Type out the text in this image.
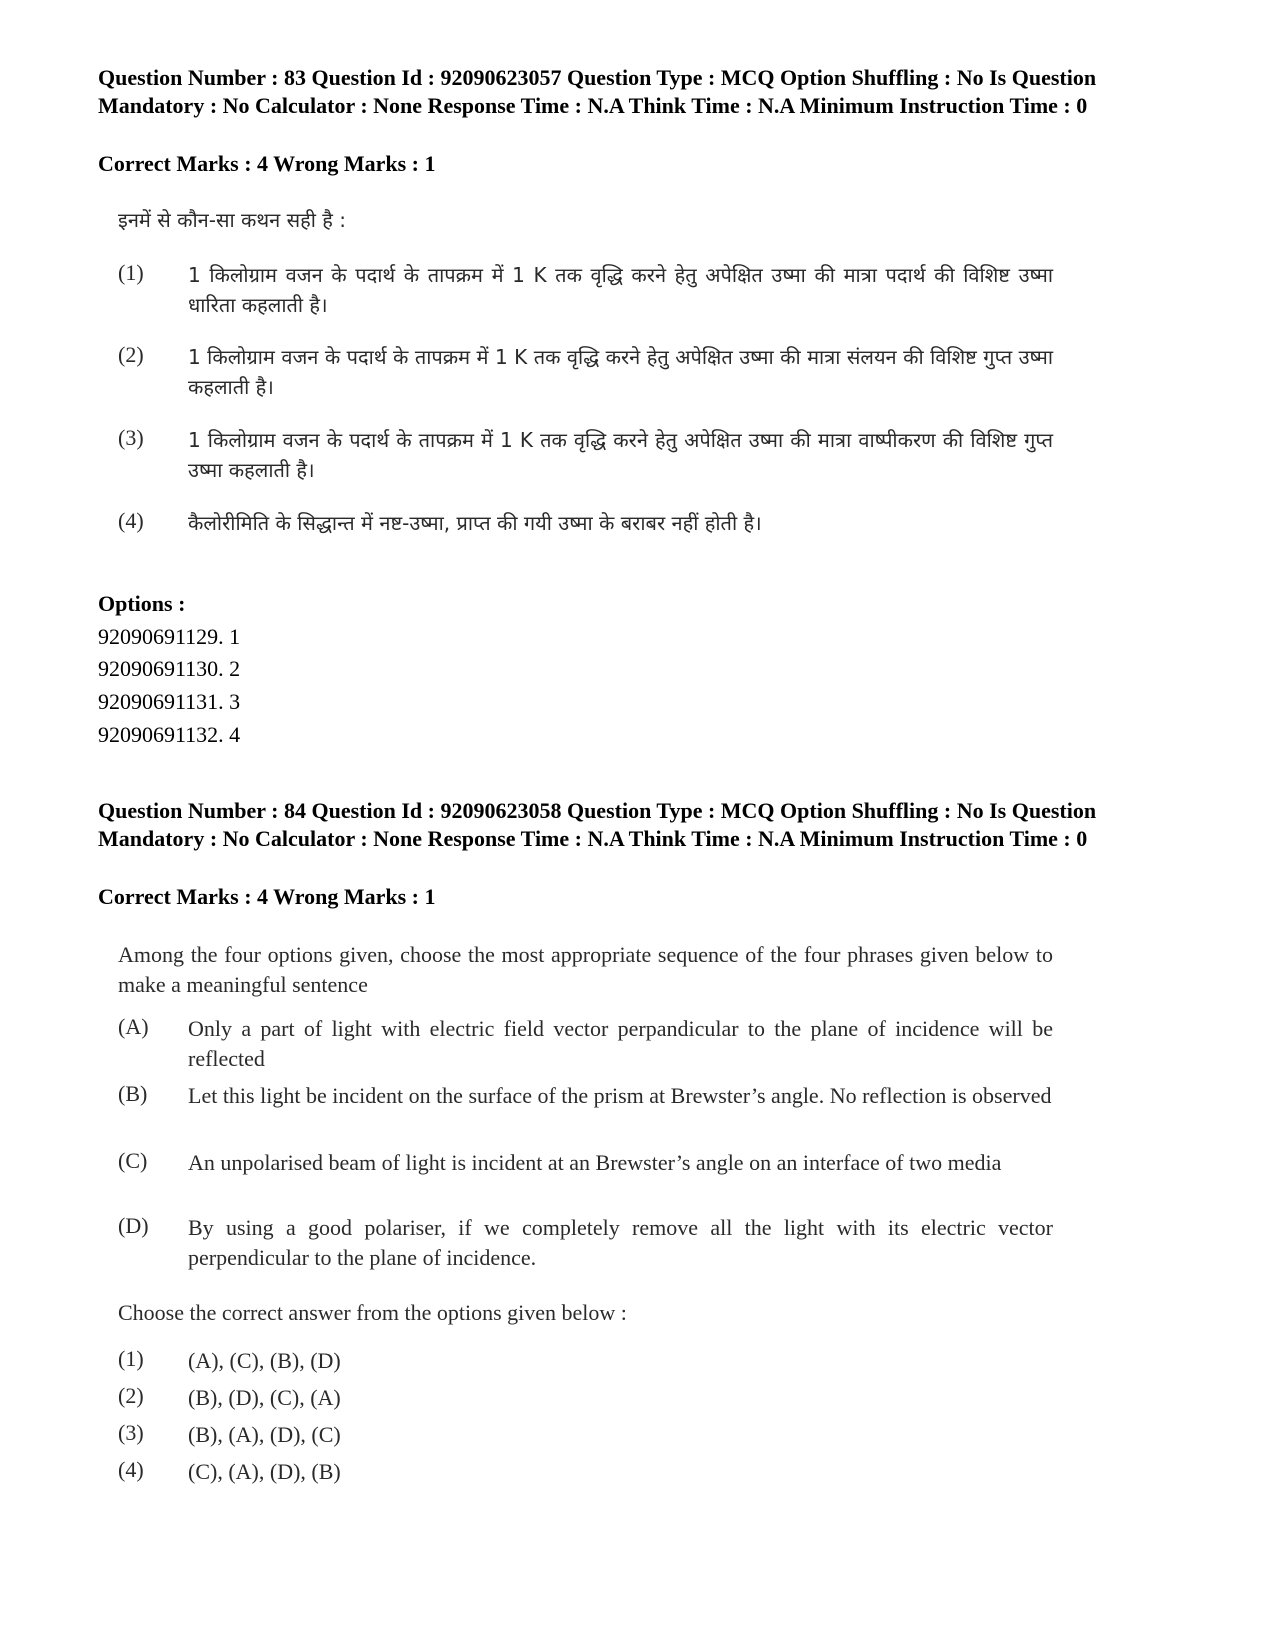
Question Number : 83 Question Id : 92090623057 Question Type : MCQ Option Shuffling : No Is Question Mandatory : No Calculator : None Response Time : N.A Think Time : N.A Minimum Instruction Time : 0
Correct Marks : 4 Wrong Marks : 1
इनमें से कौन-सा कथन सही है :
(1)	1 किलोग्राम वजन के पदार्थ के तापक्रम में 1 K तक वृद्धि करने हेतु अपेक्षित उष्मा की मात्रा पदार्थ की विशिष्ट उष्मा धारिता कहलाती है।
(2)	1 किलोग्राम वजन के पदार्थ के तापक्रम में 1 K तक वृद्धि करने हेतु अपेक्षित उष्मा की मात्रा संलयन की विशिष्ट गुप्त उष्मा कहलाती है।
(3)	1 किलोग्राम वजन के पदार्थ के तापक्रम में 1 K तक वृद्धि करने हेतु अपेक्षित उष्मा की मात्रा वाष्पीकरण की विशिष्ट गुप्त उष्मा कहलाती है।
(4)	कैलोरीमिति के सिद्धान्त में नष्ट-उष्मा, प्राप्त की गयी उष्मा के बराबर नहीं होती है।
Options :
92090691129. 1
92090691130. 2
92090691131. 3
92090691132. 4
Question Number : 84 Question Id : 92090623058 Question Type : MCQ Option Shuffling : No Is Question Mandatory : No Calculator : None Response Time : N.A Think Time : N.A Minimum Instruction Time : 0
Correct Marks : 4 Wrong Marks : 1
Among the four options given, choose the most appropriate sequence of the four phrases given below to make a meaningful sentence
(A)	Only a part of light with electric field vector perpandicular to the plane of incidence will be reflected
(B)	Let this light be incident on the surface of the prism at Brewster’s angle. No reflection is observed
(C)	An unpolarised beam of light is incident at an Brewster’s angle on an interface of two media
(D)	By using a good polariser, if we completely remove all the light with its electric vector perpendicular to the plane of incidence.
Choose the correct answer from the options given below :
(1)	(A), (C), (B), (D)
(2)	(B), (D), (C), (A)
(3)	(B), (A), (D), (C)
(4)	(C), (A), (D), (B)
